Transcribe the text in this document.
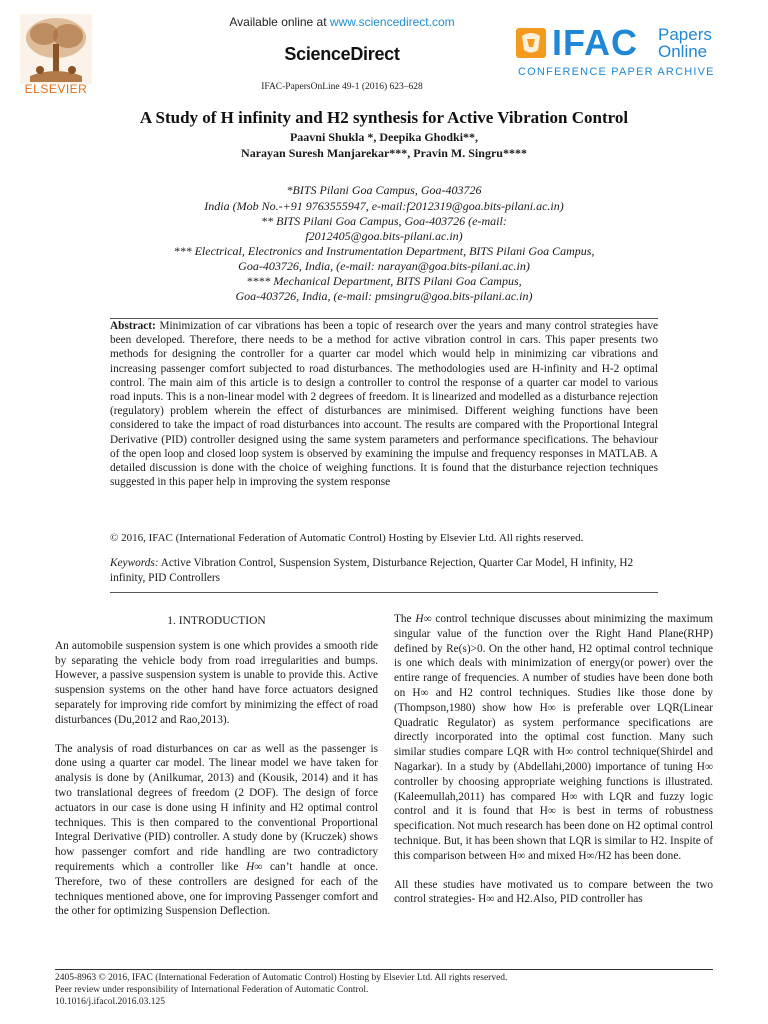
ELSEVIER
Available online at www.sciencedirect.com
ScienceDirect
IFAC-PapersOnLine 49-1 (2016) 623–628
IFAC Papers
Online
CONFERENCE PAPER ARCHIVE
A Study of H infinity and H2 synthesis for Active Vibration Control
Paavni Shukla *, Deepika Ghodki**,
Narayan Suresh Manjarekar***, Pravin M. Singru****
*BITS Pilani Goa Campus, Goa-403726
India (Mob No.-+91 9763555947, e-mail:f2012319@goa.bits-pilani.ac.in)
** BITS Pilani Goa Campus, Goa-403726 (e-mail:
f2012405@goa.bits-pilani.ac.in)
*** Electrical, Electronics and Instrumentation Department, BITS Pilani Goa Campus,
Goa-403726, India, (e-mail: narayan@goa.bits-pilani.ac.in)
**** Mechanical Department, BITS Pilani Goa Campus,
Goa-403726, India, (e-mail: pmsingru@goa.bits-pilani.ac.in)

Abstract: Minimization of car vibrations has been a topic of research over the years and many control strategies have been developed. Therefore, there needs to be a method for active vibration control in cars. This paper presents two methods for designing the controller for a quarter car model which would help in minimizing car vibrations and increasing passenger comfort subjected to road disturbances. The methodologies used are H-infinity and H-2 optimal control. The main aim of this article is to design a controller to control the response of a quarter car model to various road inputs. This is a non-linear model with 2 degrees of freedom. It is linearized and modelled as a disturbance rejection (regulatory) problem wherein the effect of disturbances are minimised. Different weighing functions have been considered to take the impact of road disturbances into account. The results are compared with the Proportional Integral Derivative (PID) controller designed using the same system parameters and performance specifications. The behaviour of the open loop and closed loop system is observed by examining the impulse and frequency responses in MATLAB. A detailed discussion is done with the choice of weighing functions. It is found that the disturbance rejection techniques suggested in this paper help in improving the system response

© 2016, IFAC (International Federation of Automatic Control) Hosting by Elsevier Ltd. All rights reserved.
Keywords: Active Vibration Control, Suspension System, Disturbance Rejection, Quarter Car Model, H infinity, H2 infinity, PID Controllers
1. INTRODUCTION

An automobile suspension system is one which provides a smooth ride by separating the vehicle body from road irregularities and bumps. However, a passive suspension system is unable to provide this. Active suspension systems on the other hand have force actuators designed separately for improving ride comfort by minimizing the effect of road disturbances (Du,2012 and Rao,2013).

The analysis of road disturbances on car as well as the passenger is done using a quarter car model. The linear model we have taken for analysis is done by (Anilkumar, 2013) and (Kousik, 2014) and it has two translational degrees of freedom (2 DOF). The design of force actuators in our case is done using H infinity and H2 optimal control techniques. This is then compared to the conventional Proportional Integral Derivative (PID) controller. A study done by (Kruczek) shows how passenger comfort and ride handling are two contradictory requirements which a controller like H∞ can’t handle at once. Therefore, two of these controllers are designed for each of the techniques mentioned above, one for improving Passenger comfort and the other for optimizing Suspension Deflection.

The H∞ control technique discusses about minimizing the maximum singular value of the function over the Right Hand Plane(RHP) defined by Re(s)>0. On the other hand, H2 optimal control technique is one which deals with minimization of energy(or power) over the entire range of frequencies. A number of studies have been done both on H∞ and H2 control techniques. Studies like those done by (Thompson,1980) show how H∞ is preferable over LQR(Linear Quadratic Regulator) as system performance specifications are directly incorporated into the optimal cost function. Many such similar studies compare LQR with H∞ control technique(Shirdel and Nagarkar). In a study by (Abdellahi,2000) importance of tuning H∞ controller by choosing appropriate weighing functions is illustrated. (Kaleemullah,2011) has compared H∞ with LQR and fuzzy logic control and it is found that H∞ is best in terms of robustness specification. Not much research has been done on H2 optimal control technique. But, it has been shown that LQR is similar to H2. Inspite of this comparison between H∞ and mixed H∞/H2 has been done.

All these studies have motivated us to compare between the two control strategies- H∞ and H2.Also, PID controller has

2405-8963 © 2016, IFAC (International Federation of Automatic Control) Hosting by Elsevier Ltd. All rights reserved.
Peer review under responsibility of International Federation of Automatic Control.
10.1016/j.ifacol.2016.03.125
